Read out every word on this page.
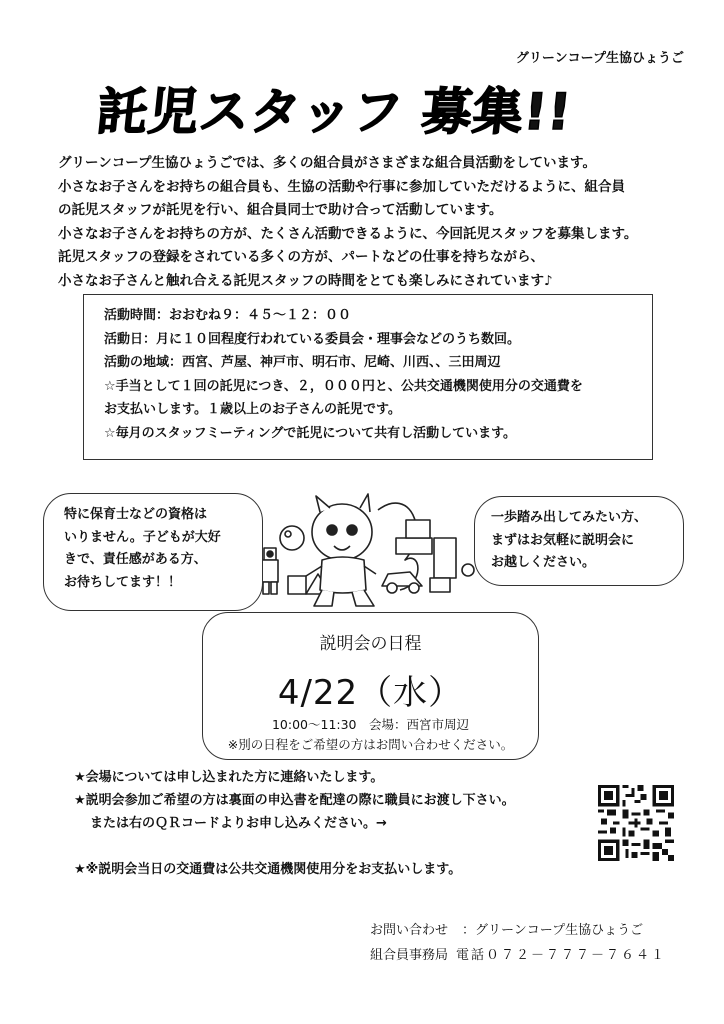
グリーンコープ生協ひょうご
託児スタッフ 募集!!

グリーンコープ生協ひょうごでは、多くの組合員がさまざまな組合員活動をしています。

小さなお子さんをお持ちの組合員も、生協の活動や行事に参加していただけるように、組合員

の託児スタッフが託児を行い、組合員同士で助け合って活動しています。

小さなお子さんをお持ちの方が、たくさん活動できるように、今回託児スタッフを募集します。

託児スタッフの登録をされている多くの方が、パートなどの仕事を持ちながら、

小さなお子さんと触れ合える託児スタッフの時間をとても楽しみにされています♪

活動時間：おおむね９：４５～１２：００

活動日：月に１０回程度行われている委員会・理事会などのうち数回。

活動の地域：西宮、芦屋、神戸市、明石市、尼崎、川西、、三田周辺

☆手当として１回の託児につき、２，０００円と、公共交通機関使用分の交通費を

お支払いします。１歳以上のお子さんの託児です。

☆毎月のスタッフミーティングで託児について共有し活動しています。

特に保育士などの資格は

いりません。子どもが大好

きで、責任感がある方、

お待ちしてます！！

一歩踏み出してみたい方、

まずはお気軽に説明会に

お越しください。

説明会の日程
4/22（水）
10:00～11:30　会場：西宮市周辺
※別の日程をご希望の方はお問い合わせください。

★会場については申し込まれた方に連絡いたします。

★説明会参加ご希望の方は裏面の申込書を配達の際に職員にお渡し下さい。

または右のＱＲコードよりお申し込みください。→

★※説明会当日の交通費は公共交通機関使用分をお支払いします。

お問い合わせ ：グリーンコープ生協ひょうご

組合員事務局 電話０７２－７７７－７６４１
